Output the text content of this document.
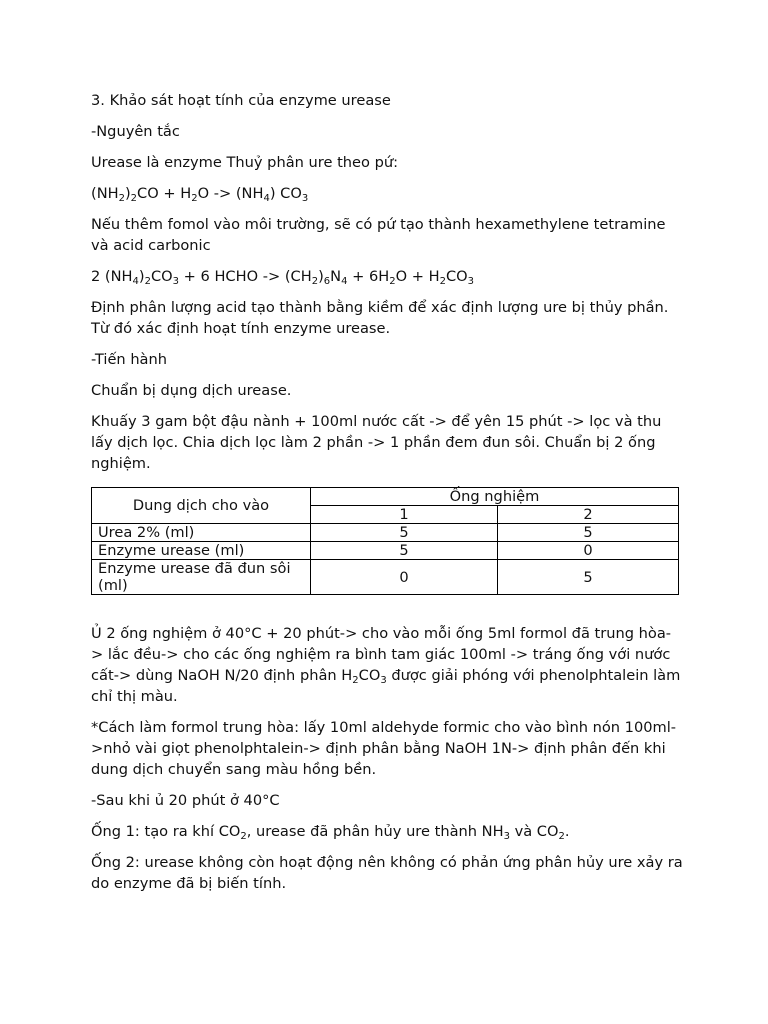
3. Khảo sát hoạt tính của enzyme urease

-Nguyên tắc

Urease là enzyme Thuỷ phân ure theo pứ:

$(NH_2)_2CO + H_2O -> (NH_4)$ $CO_3$

Nếu thêm fomol vào môi trường, sẽ có pứ tạo thành hexamethylene tetramine và acid carbonic

2 $(NH_4)_2CO_3 + 6$ HCHO -> $(CH_2)_6N_4 + 6H_2O + H_2CO_3$

Định phân lượng acid tạo thành bằng kiềm để xác định lượng ure bị thủy phần. Từ đó xác định hoạt tính enzyme urease.

-Tiến hành

Chuẩn bị dụng dịch urease.

Khuấy 3 gam bột đậu nành + 100ml nước cất -> để yên 15 phút -> lọc và thu lấy dịch lọc. Chia dịch lọc làm 2 phần -> 1 phần đem đun sôi. Chuẩn bị 2 ống nghiệm.

Dung dịch cho vào	Ống nghiệm	
	1	2
Urea 2% (ml)	5	5
Enzyme urease (ml)	5	0
Enzyme urease đã đun sôi (ml)	0	5

Ủ 2 ống nghiệm ở 40°C + 20 phút-> cho vào mỗi ống 5ml formol đã trung hòa-> lắc đều-> cho các ống nghiệm ra bình tam giác 100ml -> tráng ống với nước cất-> dùng NaOH N/20 định phân $H_2CO_3$ được giải phóng với phenolphtalein làm chỉ thị màu.

*Cách làm formol trung hòa: lấy 10ml aldehyde formic cho vào bình nón 100ml->nhỏ vài giọt phenolphtalein-> định phân bằng NaOH 1N-> định phân đến khi dung dịch chuyển sang màu hồng bền.

-Sau khi ủ 20 phút ở 40°C

Ống 1: tạo ra khí $CO_2$, urease đã phân hủy ure thành $NH_3$ và $CO_2$.

Ống 2: urease không còn hoạt động nên không có phản ứng phân hủy ure xảy ra do enzyme đã bị biến tính.
